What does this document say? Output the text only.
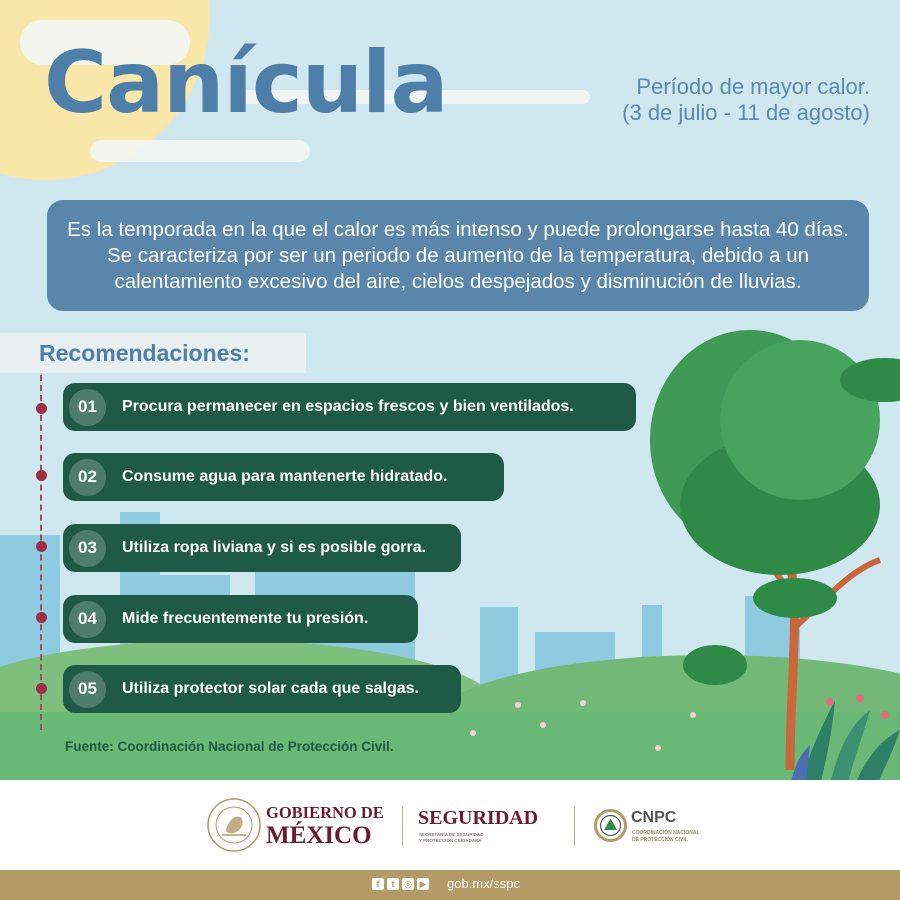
Canícula	Período de mayor calor.
(3 de julio - 11 de agosto)
Es la temporada en la que el calor es más intenso y puede prolongarse hasta 40 días. Se caracteriza por ser un periodo de aumento de la temperatura, debido a un calentamiento excesivo del aire, cielos despejados y disminución de lluvias.
Recomendaciones:
01	Procura permanecer en espacios frescos y bien ventilados.
02	Consume agua para mantenerte hidratado.
03	Utiliza ropa liviana y si es posible gorra.
04	Mide frecuentemente tu presión.
05	Utiliza protector solar cada que salgas.
Fuente: Coordinación Nacional de Protección Civil.
GOBIERNO DE
MÉXICO
SEGURIDAD
SECRETARÍA DE SEGURIDAD
Y PROTECCIÓN CIUDADANA
CNPC
COORDINACIÓN NACIONAL
DE PROTECCIÓN CIVIL
f	t	◎ ▶ gob.mx/sspc
